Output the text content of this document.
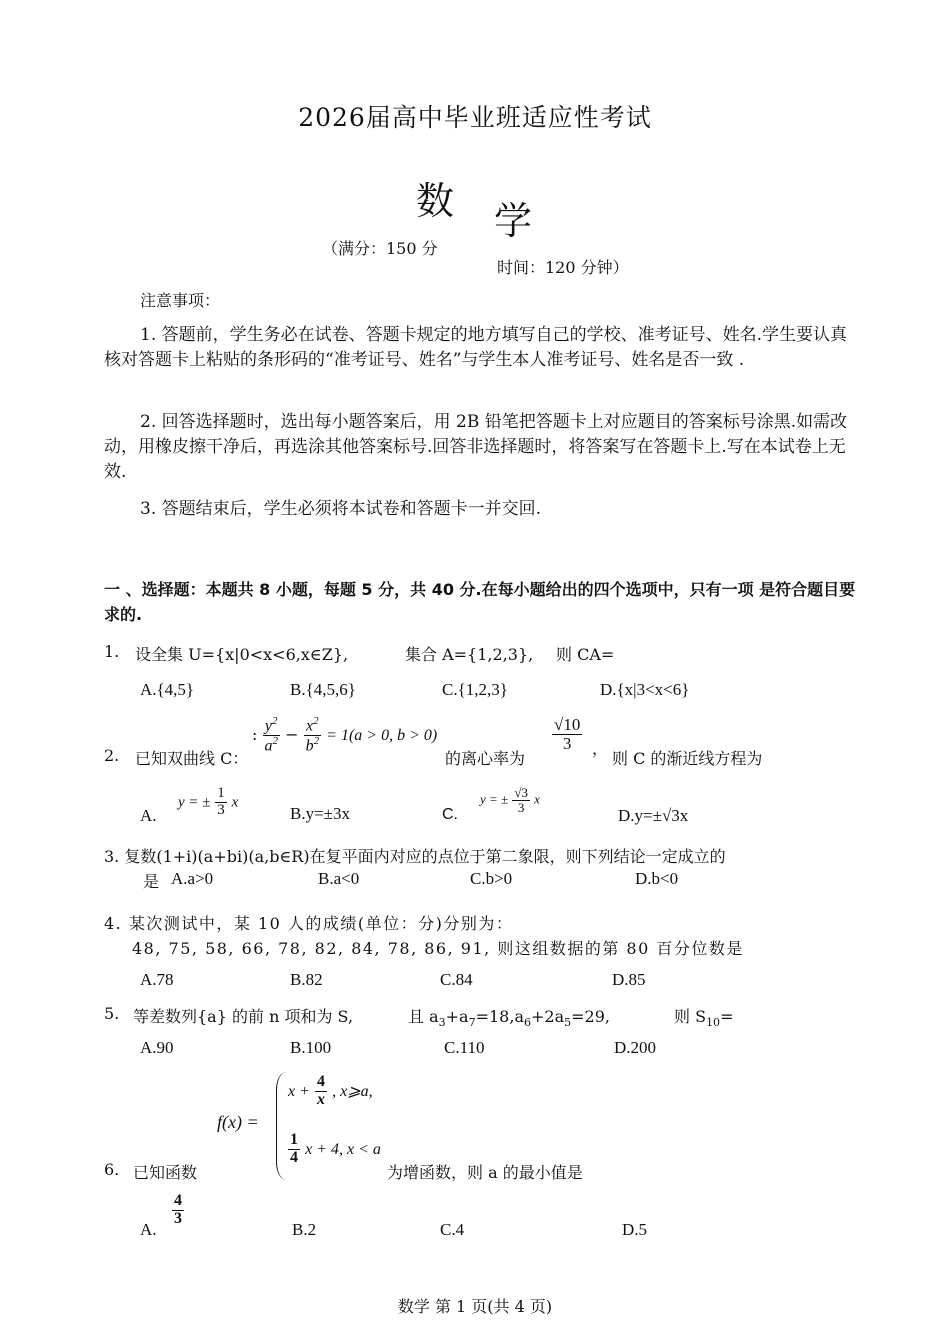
2026届高中毕业班适应性考试
数 学
（满分：150 分
时间：120 分钟）
注意事项：
1. 答题前，学生务必在试卷、答题卡规定的地方填写自己的学校、准考证号、姓名.学生要认真核对答题卡上粘贴的条形码的“准考证号、姓名”与学生本人准考证号、姓名是否一致 .
2. 回答选择题时，选出每小题答案后，用 2B 铅笔把答题卡上对应题目的答案标号涂黑.如需改动，用橡皮擦干净后，再选涂其他答案标号.回答非选择题时，将答案写在答题卡上.写在本试卷上无效.
3. 答题结束后，学生必须将本试卷和答题卡一并交回.
一 、选择题：本题共 8 小题，每题 5 分，共 40 分.在每小题给出的四个选项中，只有一项 是符合题目要求的.
1. 设全集 U={x|0<x<6,x∈Z},	集合 A={1,2,3}, 则 CA=
A.{4,5}	B.{4,5,6}	C.{1,2,3}	D.{x|3<x<6}
2. 已知双曲线 C：
: $\frac{y^2}{a^2} - \frac{x^2}{b^2} = 1(a > 0$, b > 0)
的离心率为
$\frac{√10}{3}$ ，
则 C 的渐近线方程为
A.
y = ± $\frac{1}{3}$ x
B.y=±3x	C.
y = ± $\frac{√3}{3}$ x
D.y=±√3x
3. 复数(1+i)(a+bi)(a,b∈R)在复平面内对应的点位于第二象限，则下列结论一定成立的
是 A.a>0	B.a<0	C.b>0	D.b<0
4. 某次测试中，某 10 人的成绩(单位：分)分别为：
48, 75, 58, 66, 78, 82, 84, 78, 86, 91, 则这组数据的第 80 百分位数是
A.78	B.82	C.84	D.85
5. 等差数列{a} 的前 n 项和为 S,	且 $a_3+a_7=18,a_6+2a_5=29$,	则 $S_{10}=$
A.90	B.100	C.110	D.200
6. 已知函数
f(x) =
$x + \frac{4}{x}$ , x⩾a,
$\frac{1}{4}$ x + 4, x < a
为增函数，则 a 的最小值是
A.
$\frac{4}{3}$
B.2	C.4	D.5
数学 第 1 页(共 4 页)
